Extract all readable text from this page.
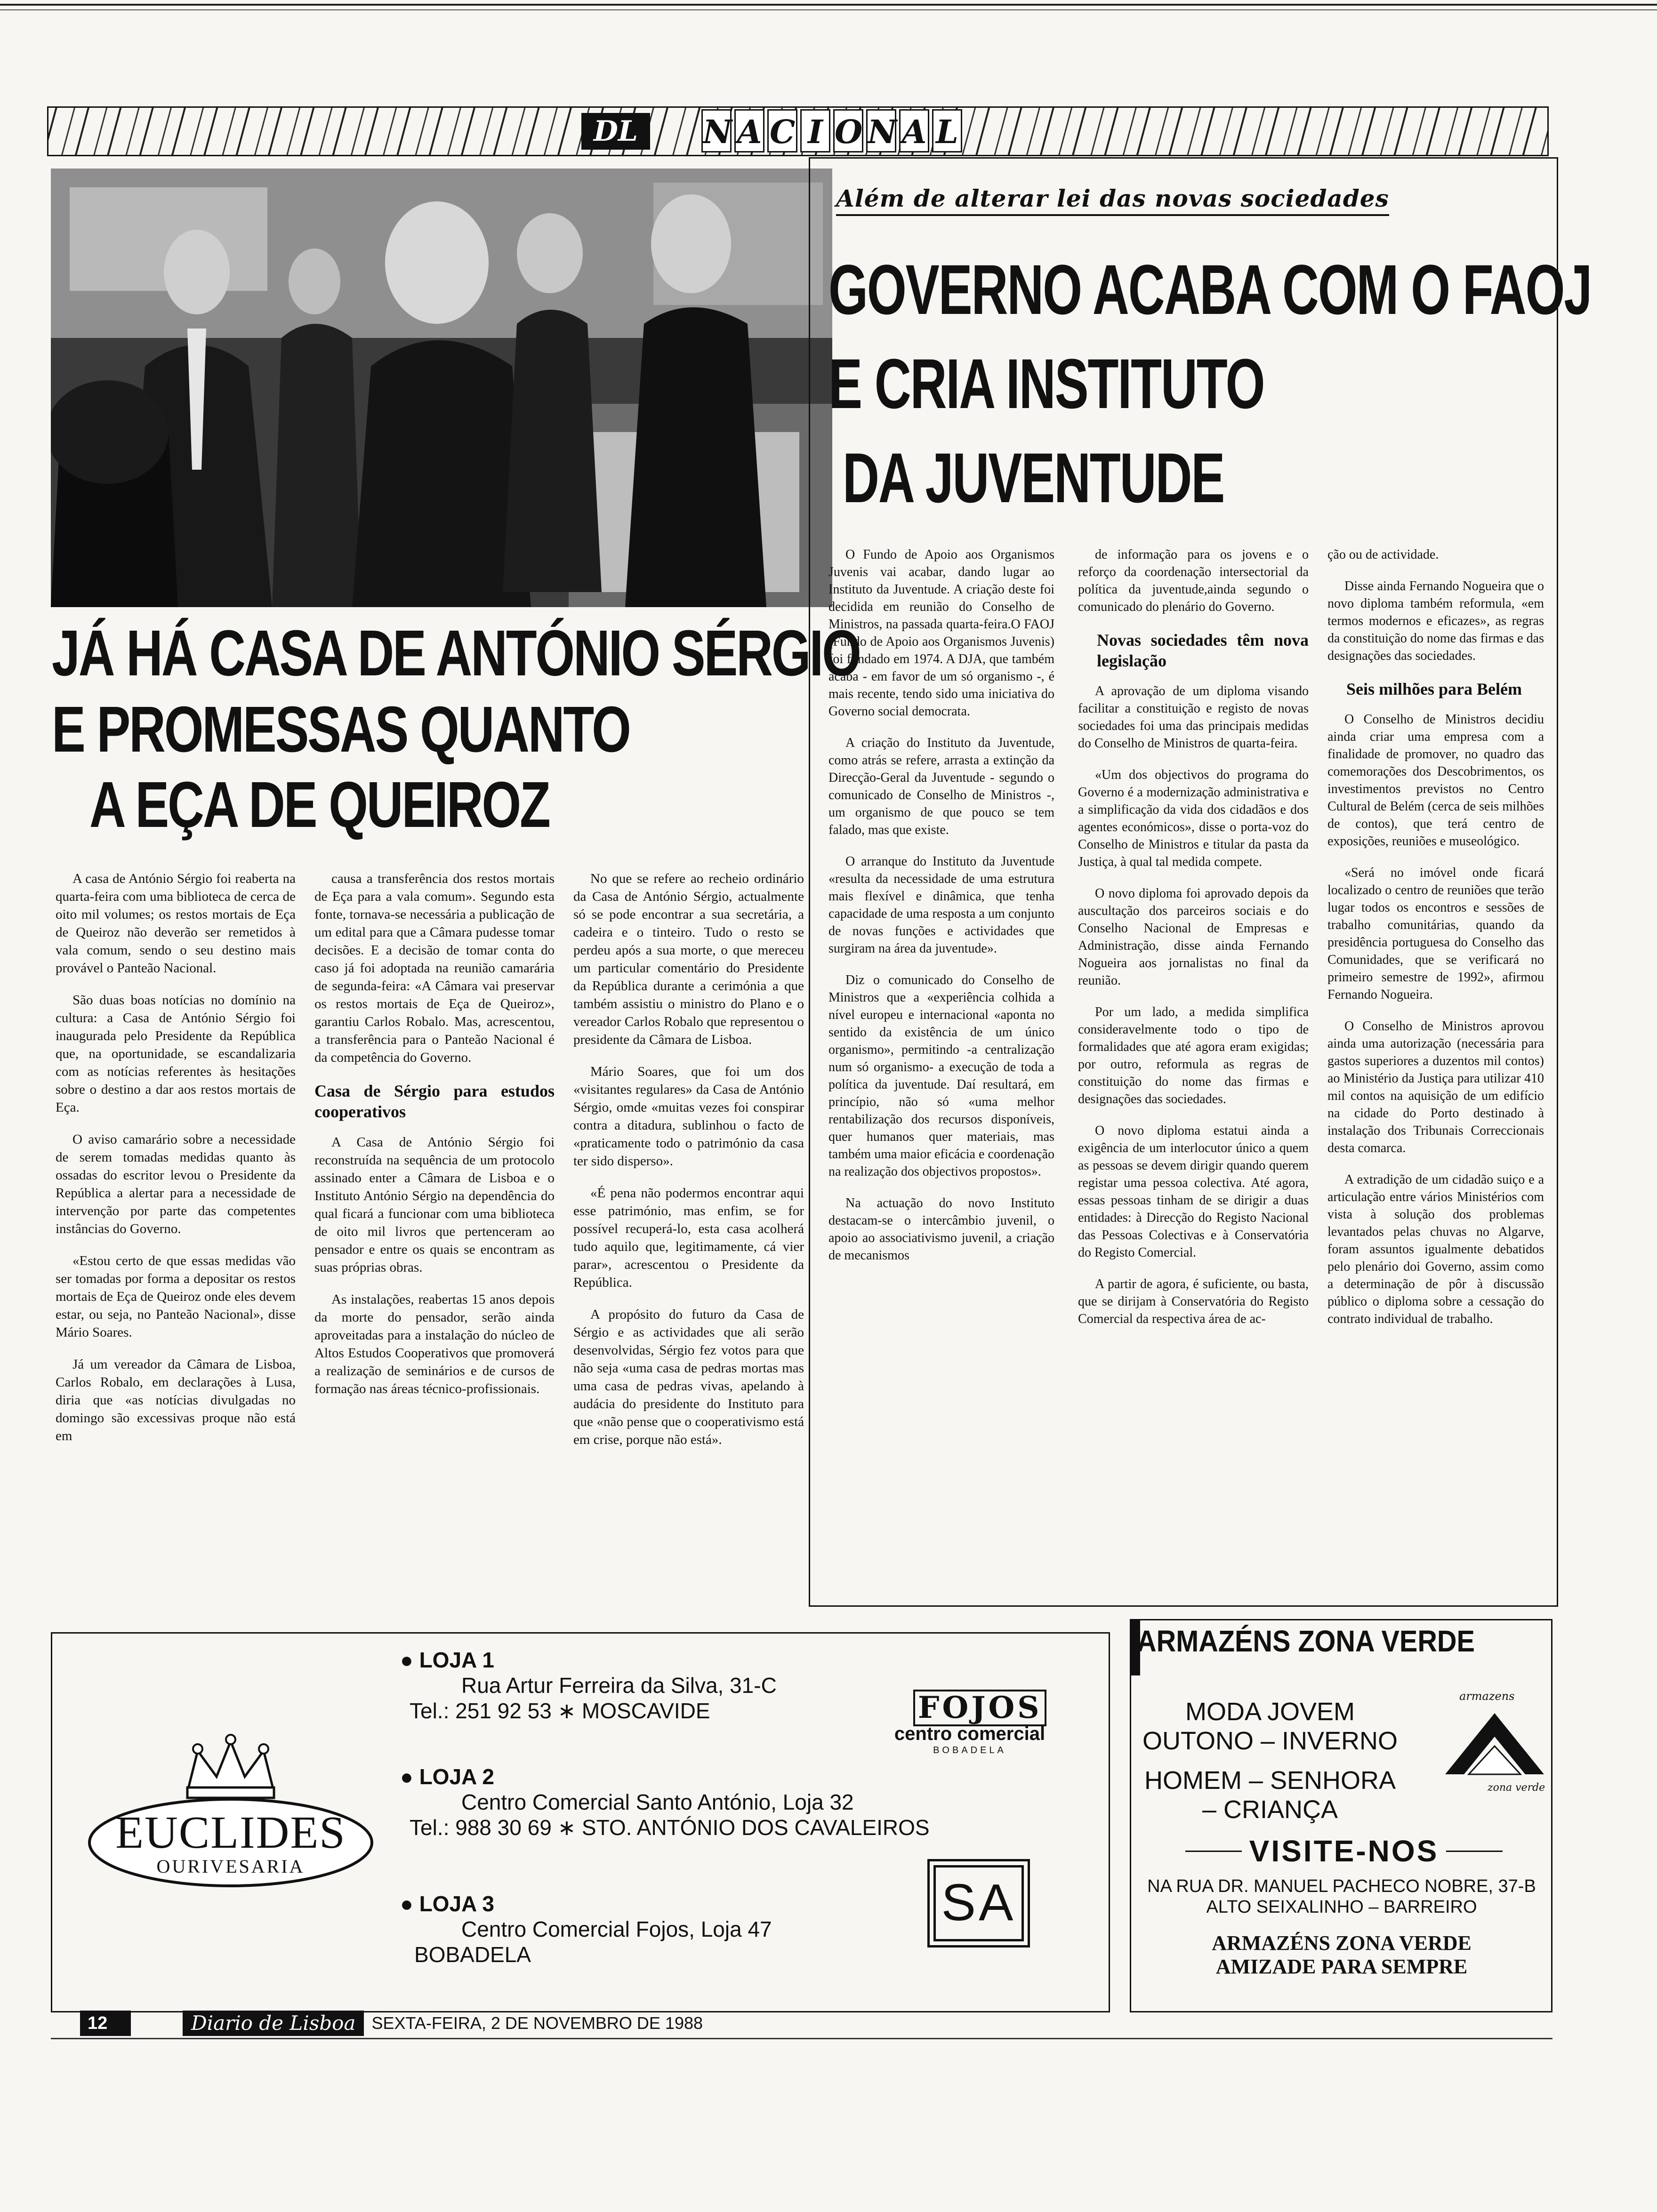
DL	N A C I O N A L
JÁ HÁ CASA DE ANTÓNIO SÉRGIO
E PROMESSAS QUANTO
A EÇA DE QUEIROZ

A casa de António Sérgio foi reaberta na quarta-feira com uma biblioteca de cerca de oito mil volumes; os restos mortais de Eça de Queiroz não deverão ser remetidos à vala comum, sendo o seu destino mais provável o Panteão Nacional.

São duas boas notícias no domínio na cultura: a Casa de António Sérgio foi inaugurada pelo Presidente da República que, na oportunidade, se escandalizaria com as notícias referentes às hesitações sobre o destino a dar aos restos mortais de Eça.

O aviso camarário sobre a necessidade de serem tomadas medidas quanto às ossadas do escritor levou o Presidente da República a alertar para a necessidade de intervenção por parte das competentes instâncias do Governo.

«Estou certo de que essas medidas vão ser tomadas por forma a depositar os restos mortais de Eça de Queiroz onde eles devem estar, ou seja, no Panteão Nacional», disse Mário Soares.

Já um vereador da Câmara de Lisboa, Carlos Robalo, em declarações à Lusa, diria que «as notícias divulgadas no domingo são excessivas proque não está em

causa a transferência dos restos mortais de Eça para a vala comum». Segundo esta fonte, tornava-se necessária a publicação de um edital para que a Câmara pudesse tomar decisões. E a decisão de tomar conta do caso já foi adoptada na reunião camarária de segunda-feira: «A Câmara vai preservar os restos mortais de Eça de Queiroz», garantiu Carlos Robalo. Mas, acrescentou, a transferência para o Panteão Nacional é da competência do Governo.

Casa de Sérgio para estudos cooperativos

A Casa de António Sérgio foi reconstruída na sequência de um protocolo assinado enter a Câmara de Lisboa e o Instituto António Sérgio na dependência do qual ficará a funcionar com uma biblioteca de oito mil livros que pertenceram ao pensador e entre os quais se encontram as suas próprias obras.

As instalações, reabertas 15 anos depois da morte do pensador, serão ainda aproveitadas para a instalação do núcleo de Altos Estudos Cooperativos que promoverá a realização de seminários e de cursos de formação nas áreas técnico-profissionais.

No que se refere ao recheio ordinário da Casa de António Sérgio, actualmente só se pode encontrar a sua secretária, a cadeira e o tinteiro. Tudo o resto se perdeu após a sua morte, o que mereceu um particular comentário do Presidente da República durante a cerimónia a que também assistiu o ministro do Plano e o vereador Carlos Robalo que representou o presidente da Câmara de Lisboa.

Mário Soares, que foi um dos «visitantes regulares» da Casa de António Sérgio, omde «muitas vezes foi conspirar contra a ditadura, sublinhou o facto de «praticamente todo o património da casa ter sido disperso».

«É pena não podermos encontrar aqui esse património, mas enfim, se for possível recuperá-lo, esta casa acolherá tudo aquilo que, legitimamente, cá vier parar», acrescentou o Presidente da República.

A propósito do futuro da Casa de Sérgio e as actividades que ali serão desenvolvidas, Sérgio fez votos para que não seja «uma casa de pedras mortas mas uma casa de pedras vivas, apelando à audácia do presidente do Instituto para que «não pense que o cooperativismo está em crise, porque não está».

Além de alterar lei das novas sociedades
GOVERNO ACABA COM O FAOJ
E CRIA INSTITUTO
DA JUVENTUDE

O Fundo de Apoio aos Organismos Juvenis vai acabar, dando lugar ao Instituto da Juventude. A criação deste foi decidida em reunião do Conselho de Ministros, na passada quarta-feira.O FAOJ (Fundo de Apoio aos Organismos Juvenis) foi fundado em 1974. A DJA, que também acaba - em favor de um só organismo -, é mais recente, tendo sido uma iniciativa do Governo social democrata.

A criação do Instituto da Juventude, como atrás se refere, arrasta a extinção da Direcção-Geral da Juventude - segundo o comunicado de Conselho de Ministros -, um organismo de que pouco se tem falado, mas que existe.

O arranque do Instituto da Juventude «resulta da necessidade de uma estrutura mais flexível e dinâmica, que tenha capacidade de uma resposta a um conjunto de novas funções e actividades que surgiram na área da juventude».

Diz o comunicado do Conselho de Ministros que a «experiência colhida a nível europeu e internacional «aponta no sentido da existência de um único organismo», permitindo -a centralização num só organismo- a execução de toda a política da juventude. Daí resultará, em princípio, não só «uma melhor rentabilização dos recursos disponíveis, quer humanos quer materiais, mas também uma maior eficácia e coordenação na realização dos objectivos propostos».

Na actuação do novo Instituto destacam-se o intercâmbio juvenil, o apoio ao associativismo juvenil, a criação de mecanismos

de informação para os jovens e o reforço da coordenação intersectorial da política da juventude,ainda segundo o comunicado do plenário do Governo.

Novas sociedades têm nova legislação

A aprovação de um diploma visando facilitar a constituição e registo de novas sociedades foi uma das principais medidas do Conselho de Ministros de quarta-feira.

«Um dos objectivos do programa do Governo é a modernização administrativa e a simplificação da vida dos cidadãos e dos agentes económicos», disse o porta-voz do Conselho de Ministros e titular da pasta da Justiça, à qual tal medida compete.

O novo diploma foi aprovado depois da auscultação dos parceiros sociais e do Conselho Nacional de Empresas e Administração, disse ainda Fernando Nogueira aos jornalistas no final da reunião.

Por um lado, a medida simplifica consideravelmente todo o tipo de formalidades que até agora eram exigidas; por outro, reformula as regras de constituição do nome das firmas e designações das sociedades.

O novo diploma estatui ainda a exigência de um interlocutor único a quem as pessoas se devem dirigir quando querem registar uma pessoa colectiva. Até agora, essas pessoas tinham de se dirigir a duas entidades: à Direcção do Registo Nacional das Pessoas Colectivas e à Conservatória do Registo Comercial.

A partir de agora, é suficiente, ou basta, que se dirijam à Conservatória do Registo Comercial da respectiva área de ac-

ção ou de actividade.

Disse ainda Fernando Nogueira que o novo diploma também reformula, «em termos modernos e eficazes», as regras da constituição do nome das firmas e das designações das sociedades.

Seis milhões para Belém

O Conselho de Ministros decidiu ainda criar uma empresa com a finalidade de promover, no quadro das comemorações dos Descobrimentos, os investimentos previstos no Centro Cultural de Belém (cerca de seis milhões de contos), que terá centro de exposições, reuniões e museológico.

«Será no imóvel onde ficará localizado o centro de reuniões que terão lugar todos os encontros e sessões de trabalho comunitárias, quando da presidência portuguesa do Conselho das Comunidades, que se verificará no primeiro semestre de 1992», afirmou Fernando Nogueira.

O Conselho de Ministros aprovou ainda uma autorização (necessária para gastos superiores a duzentos mil contos) ao Ministério da Justiça para utilizar 410 mil contos na aquisição de um edifício na cidade do Porto destinado à instalação dos Tribunais Correccionais desta comarca.

A extradição de um cidadão suiço e a articulação entre vários Ministérios com vista à solução dos problemas levantados pelas chuvas no Algarve, foram assuntos igualmente debatidos pelo plenário doi Governo, assim como a determinação de pôr à discussão público o diploma sobre a cessação do contrato individual de trabalho.

EUCLIDES
OURIVESARIA
● LOJA 1
Rua Artur Ferreira da Silva, 31-C
Tel.: 251 92 53 ∗ MOSCAVIDE
● LOJA 2
Centro Comercial Santo António, Loja 32
Tel.: 988 30 69 ∗ STO. ANTÓNIO DOS CAVALEIROS
● LOJA 3
Centro Comercial Fojos, Loja 47
BOBADELA
FOJOS
centro comercial
BOBADELA
SA
ARMAZÉNS ZONA VERDE
MODA JOVEM
OUTONO – INVERNO
HOMEM – SENHORA
– CRIANÇA
armazens
zona verde
VISITE-NOS
NA RUA DR. MANUEL PACHECO NOBRE, 37-B
ALTO SEIXALINHO – BARREIRO
ARMAZÉNS ZONA VERDE
AMIZADE PARA SEMPRE
12	Diario de Lisboa SEXTA-FEIRA, 2 DE NOVEMBRO DE 1988
